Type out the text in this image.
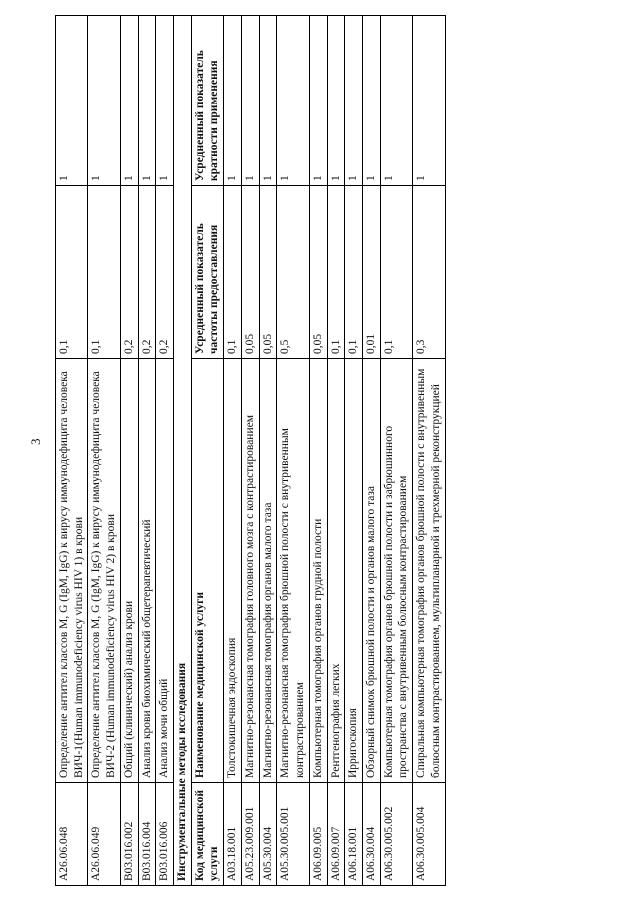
3
A26.06.048	Определение антител классов M, G (IgM, IgG) к вирусу иммунодефицита человека ВИЧ-1(Human immunodeficiency virus HIV 1) в крови	0,1	1
A26.06.049	Определение антител классов M, G (IgM, IgG) к вирусу иммунодефицита человека ВИЧ-2 (Human immunodeficiency virus HIV 2) в крови	0,1	1
B03.016.002	Общий (клинический) анализ крови	0,2	1
B03.016.004	Анализ крови биохимический общетерапевтический	0,2	1
B03.016.006	Анализ мочи общий	0,2	1
Инструментальные методы исследования			
Код медицинской услуги	Наименование медицинской услуги	Усредненный показатель частоты предоставления	Усредненный показатель кратности применения
A03.18.001	Толстокишечная эндоскопия	0,1	1
A05.23.009.001	Магнитно-резонансная томография головного мозга с контрастированием	0,05	1
A05.30.004	Магнитно-резонансная томография органов малого таза	0,05	1
A05.30.005.001	Магнитно-резонансная томография брюшной полости с внутривенным контрастированием	0,5	1
A06.09.005	Компьютерная томография органов грудной полости	0,05	1
A06.09.007	Рентгенография легких	0,1	1
A06.18.001	Ирригоскопия	0,1	1
A06.30.004	Обзорный снимок брюшной полости и органов малого таза	0,01	1
A06.30.005.002	Компьютерная томография органов брюшной полости и забрюшинного пространства с внутривенным болюсным контрастированием	0,1	1
A06.30.005.004	Спиральная компьютерная томография органов брюшной полости с внутривенным болюсным контрастированием, мультипланарной и трехмерной реконструкцией	0,3	1
